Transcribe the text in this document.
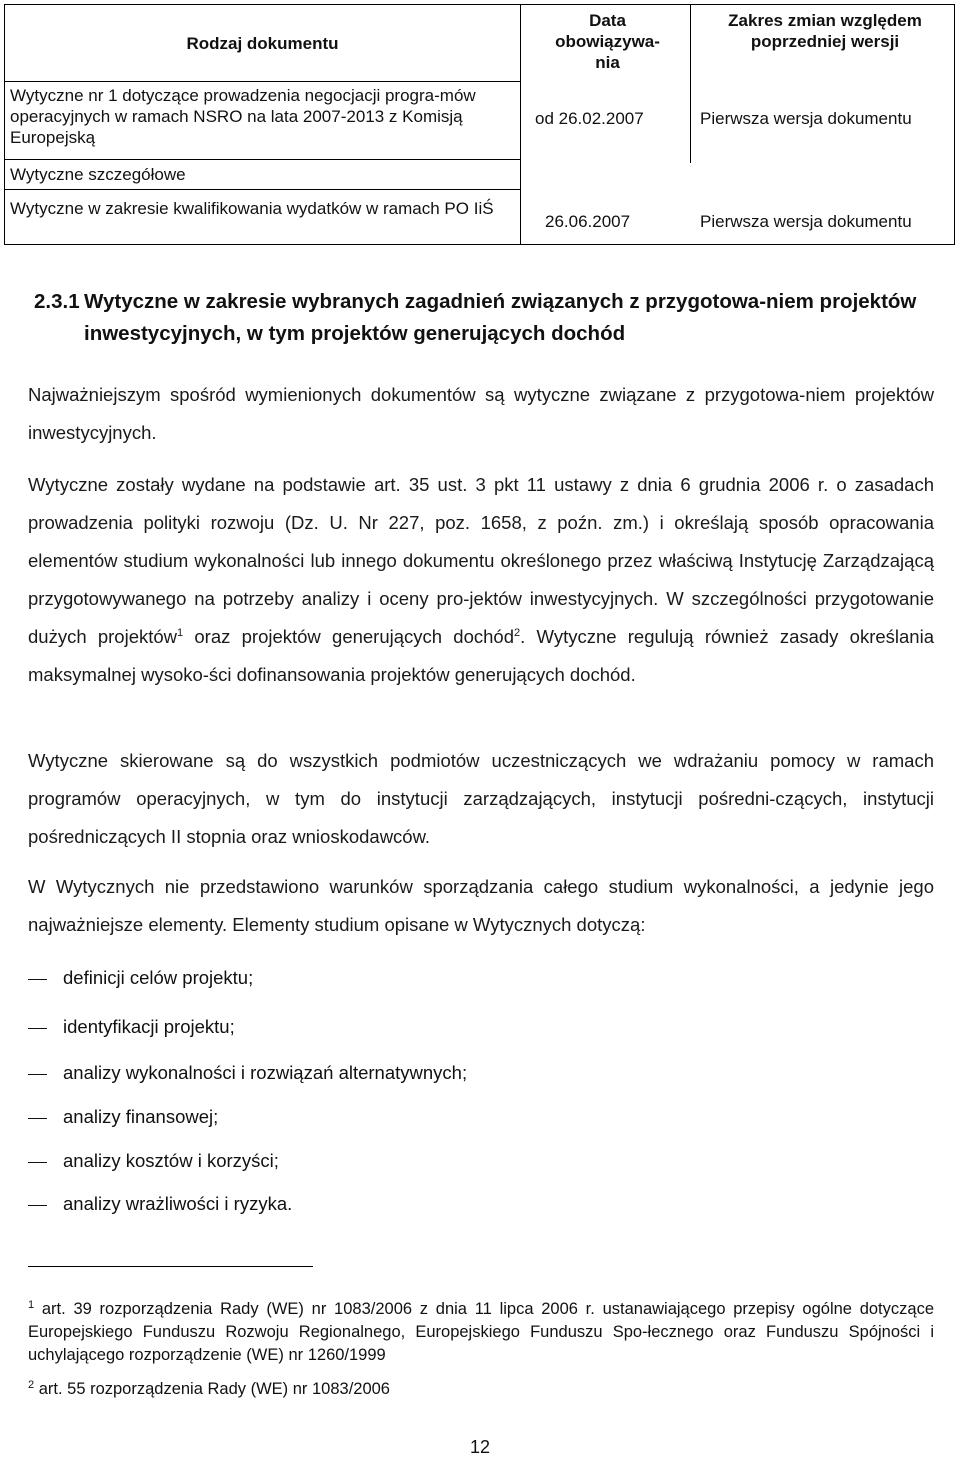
Rodzaj dokumentu
Data obowiązywa-nia
Zakres zmian względem poprzedniej wersji
Wytyczne nr 1 dotyczące prowadzenia negocjacji progra-mów operacyjnych w ramach NSRO na lata 2007-2013 z Komisją Europejską
od 26.02.2007	Pierwsza wersja dokumentu
Wytyczne szczegółowe
Wytyczne w zakresie kwalifikowania wydatków w ramach PO IiŚ
26.06.2007	Pierwsza wersja dokumentu
2.3.1 Wytyczne w zakresie wybranych zagadnień związanych z przygotowa-niem projektów inwestycyjnych, w tym projektów generujących dochód
Najważniejszym spośród wymienionych dokumentów są wytyczne związane z przygotowa-niem projektów inwestycyjnych.
Wytyczne zostały wydane na podstawie art. 35 ust. 3 pkt 11 ustawy z dnia 6 grudnia 2006 r. o zasadach prowadzenia polityki rozwoju (Dz. U. Nr 227, poz. 1658, z poźn. zm.) i określają sposób opracowania elementów studium wykonalności lub innego dokumentu określonego przez właściwą Instytucję Zarządzającą przygotowywanego na potrzeby analizy i oceny pro-jektów inwestycyjnych. W szczególności przygotowanie dużych projektów$^1$ oraz projektów generujących dochód$^2$. Wytyczne regulują również zasady określania maksymalnej wysoko-ści dofinansowania projektów generujących dochód.
Wytyczne skierowane są do wszystkich podmiotów uczestniczących we wdrażaniu pomocy w ramach programów operacyjnych, w tym do instytucji zarządzających, instytucji pośredni-czących, instytucji pośredniczących II stopnia oraz wnioskodawców.
W Wytycznych nie przedstawiono warunków sporządzania całego studium wykonalności, a jedynie jego najważniejsze elementy. Elementy studium opisane w Wytycznych dotyczą:
definicji celów projektu;
identyfikacji projektu;
analizy wykonalności i rozwiązań alternatywnych;
analizy finansowej;
analizy kosztów i korzyści;
analizy wrażliwości i ryzyka.
$^1$ art. 39 rozporządzenia Rady (WE) nr 1083/2006 z dnia 11 lipca 2006 r. ustanawiającego przepisy ogólne dotyczące Europejskiego Funduszu Rozwoju Regionalnego, Europejskiego Funduszu Spo-łecznego oraz Funduszu Spójności i uchylającego rozporządzenie (WE) nr 1260/1999
$^2$ art. 55 rozporządzenia Rady (WE) nr 1083/2006
12
